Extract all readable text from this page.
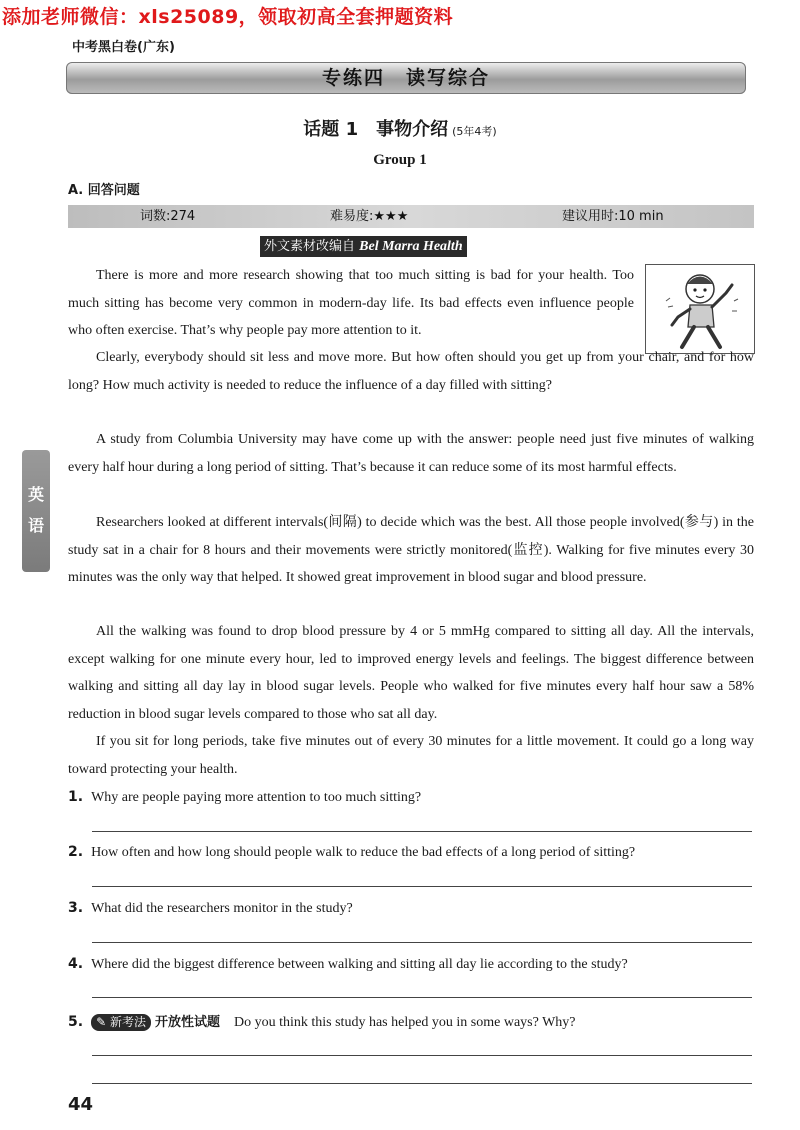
添加老师微信：xls25089，领取初高全套押题资料
中考黑白卷(广东)
专练四　读写综合
话题 1　事物介绍 (5年4考)
Group 1
A. 回答问题
词数:274	难易度:★★★	建议用时:10 min
外文素材改编自 Bel Marra Health
There is more and more research showing that too much sitting is bad for your health. Too much sitting has become very common in modern-day life. Its bad effects even influence people who often exercise. That’s why people pay more attention to it.
Clearly, everybody should sit less and move more. But how often should you get up from your chair, and for how long? How much activity is needed to reduce the influence of a day filled with sitting?
A study from Columbia University may have come up with the answer: people need just five minutes of walking every half hour during a long period of sitting. That’s because it can reduce some of its most harmful effects.
Researchers looked at different intervals(间隔) to decide which was the best. All those people involved(参与) in the study sat in a chair for 8 hours and their movements were strictly monitored(监控). Walking for five minutes every 30 minutes was the only way that helped. It showed great improvement in blood sugar and blood pressure.
All the walking was found to drop blood pressure by 4 or 5 mmHg compared to sitting all day. All the intervals, except walking for one minute every hour, led to improved energy levels and feelings. The biggest difference between walking and sitting all day lay in blood sugar levels. People who walked for five minutes every half hour saw a 58% reduction in blood sugar levels compared to those who sat all day.
If you sit for long periods, take five minutes out of every 30 minutes for a little movement. It could go a long way toward protecting your health.
英
语
1. Why are people paying more attention to too much sitting?
2. How often and how long should people walk to reduce the bad effects of a long period of sitting?
3. What did the researchers monitor in the study?
4. Where did the biggest difference between walking and sitting all day lie according to the study?
5. ✎ 新考法 开放性试题 Do you think this study has helped you in some ways? Why?
44
